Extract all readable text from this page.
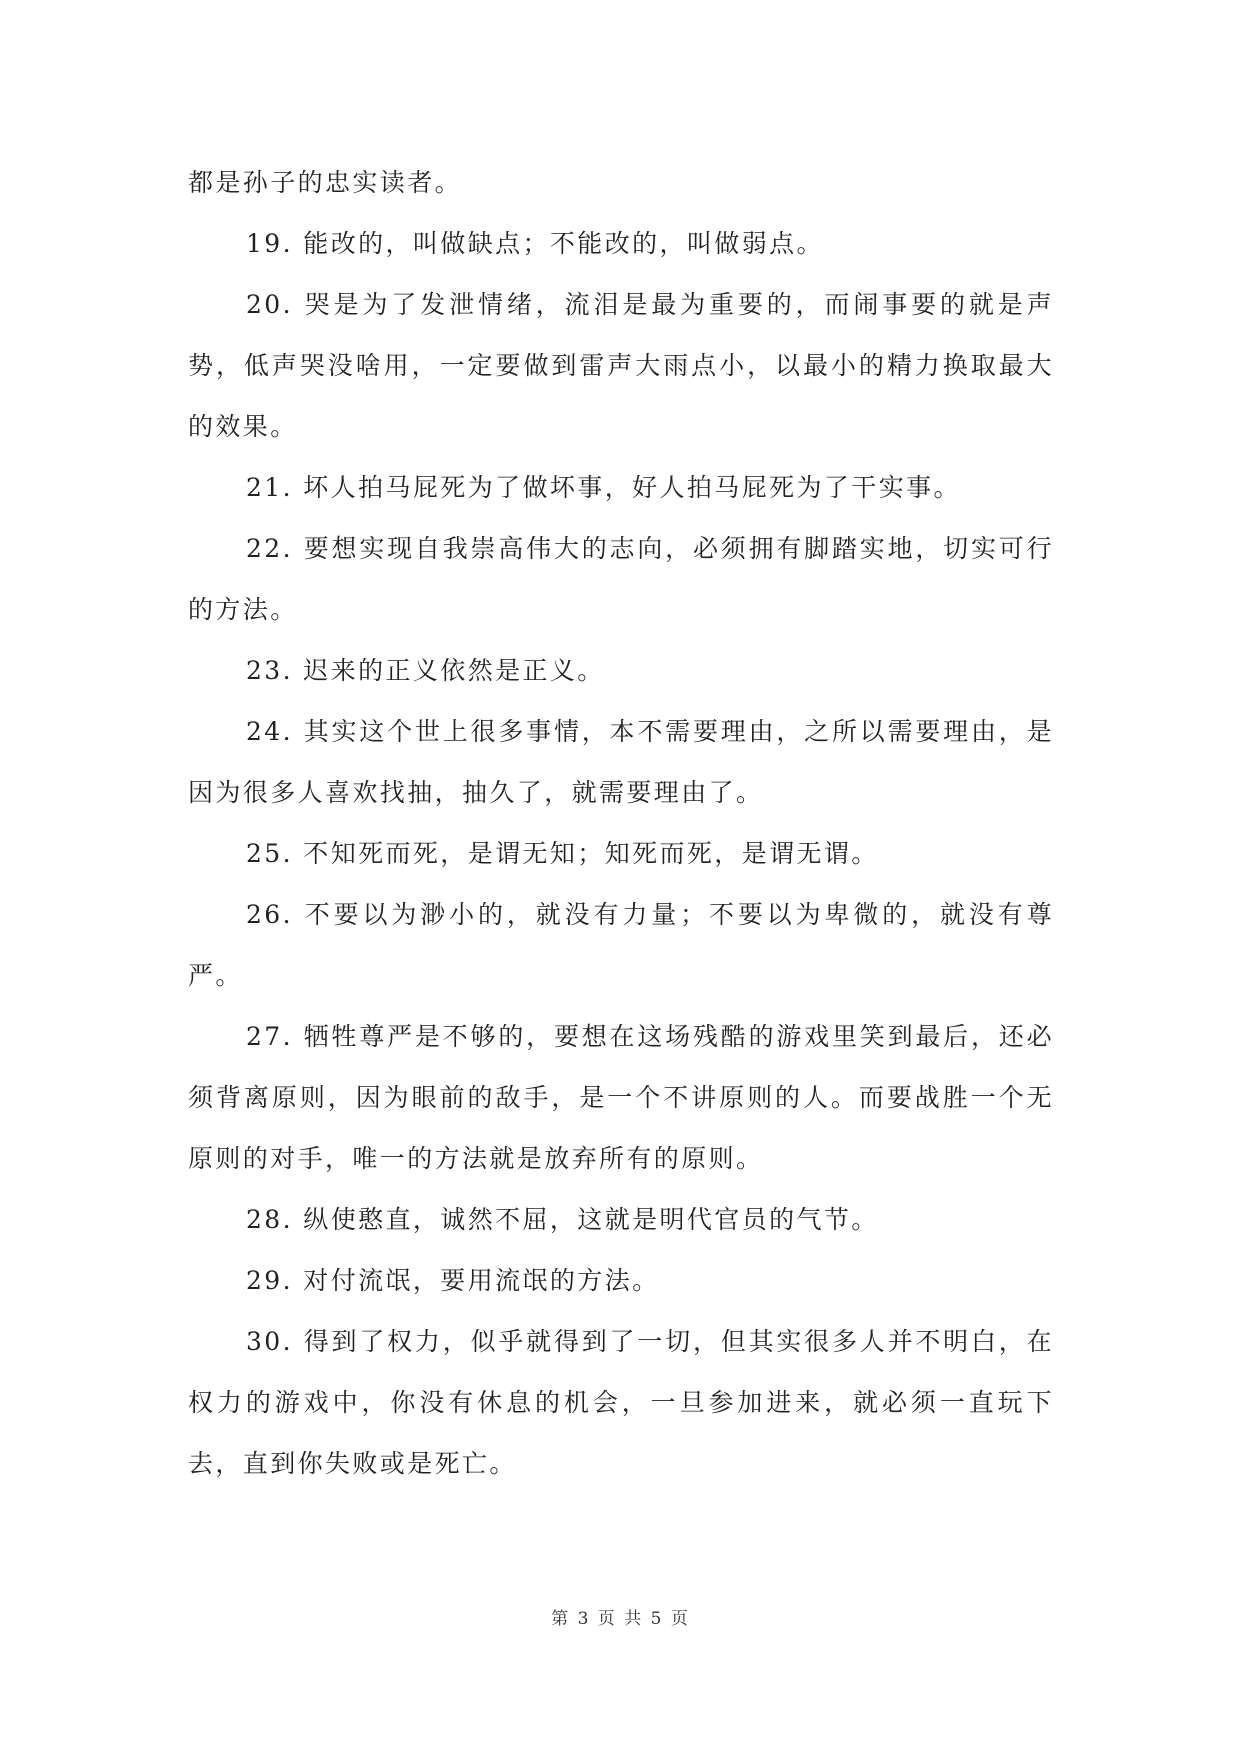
都是孙子的忠实读者。

19. 能改的，叫做缺点；不能改的，叫做弱点。

20. 哭是为了发泄情绪，流泪是最为重要的，而闹事要的就是声势，低声哭没啥用，一定要做到雷声大雨点小，以最小的精力换取最大的效果。

21. 坏人拍马屁死为了做坏事，好人拍马屁死为了干实事。

22. 要想实现自我崇高伟大的志向，必须拥有脚踏实地，切实可行的方法。

23. 迟来的正义依然是正义。

24. 其实这个世上很多事情，本不需要理由，之所以需要理由，是因为很多人喜欢找抽，抽久了，就需要理由了。

25. 不知死而死，是谓无知；知死而死，是谓无谓。

26. 不要以为渺小的，就没有力量；不要以为卑微的，就没有尊严。

27. 牺牲尊严是不够的，要想在这场残酷的游戏里笑到最后，还必须背离原则，因为眼前的敌手，是一个不讲原则的人。而要战胜一个无原则的对手，唯一的方法就是放弃所有的原则。

28. 纵使憨直，诚然不屈，这就是明代官员的气节。

29. 对付流氓，要用流氓的方法。

30. 得到了权力，似乎就得到了一切，但其实很多人并不明白，在权力的游戏中，你没有休息的机会，一旦参加进来，就必须一直玩下去，直到你失败或是死亡。

第 3 页 共 5 页
